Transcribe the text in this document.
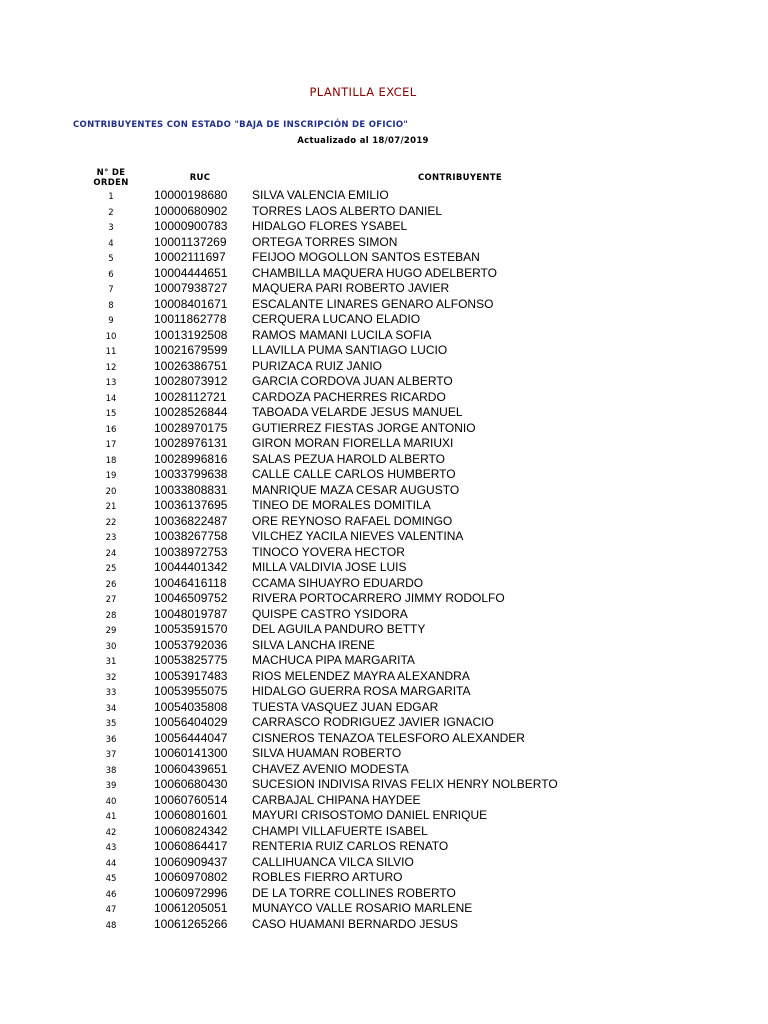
PLANTILLA EXCEL
CONTRIBUYENTES CON ESTADO "BAJA DE INSCRIPCIÓN DE OFICIO"
Actualizado al 18/07/2019
N° DE
ORDEN	RUC	CONTRIBUYENTE
1	10000198680 SILVA VALENCIA EMILIO
2	10000680902 TORRES LAOS ALBERTO DANIEL
3	10000900783 HIDALGO FLORES YSABEL
4	10001137269 ORTEGA TORRES SIMON
5	10002111697 FEIJOO MOGOLLON SANTOS ESTEBAN
6	10004444651 CHAMBILLA MAQUERA HUGO ADELBERTO
7	10007938727 MAQUERA PARI ROBERTO JAVIER
8	10008401671 ESCALANTE LINARES GENARO ALFONSO
9	10011862778 CERQUERA LUCANO ELADIO
10	10013192508 RAMOS MAMANI LUCILA SOFIA
11	10021679599 LLAVILLA PUMA SANTIAGO LUCIO
12	10026386751 PURIZACA RUIZ JANIO
13	10028073912 GARCIA CORDOVA JUAN ALBERTO
14	10028112721 CARDOZA PACHERRES RICARDO
15	10028526844 TABOADA VELARDE JESUS MANUEL
16	10028970175 GUTIERREZ FIESTAS JORGE ANTONIO
17	10028976131 GIRON MORAN FIORELLA MARIUXI
18	10028996816 SALAS PEZUA HAROLD ALBERTO
19	10033799638 CALLE CALLE CARLOS HUMBERTO
20	10033808831 MANRIQUE MAZA CESAR AUGUSTO
21	10036137695 TINEO DE MORALES DOMITILA
22	10036822487 ORE REYNOSO RAFAEL DOMINGO
23	10038267758 VILCHEZ YACILA NIEVES VALENTINA
24	10038972753 TINOCO YOVERA HECTOR
25	10044401342 MILLA VALDIVIA JOSE LUIS
26	10046416118 CCAMA SIHUAYRO EDUARDO
27	10046509752 RIVERA PORTOCARRERO JIMMY RODOLFO
28	10048019787 QUISPE CASTRO YSIDORA
29	10053591570 DEL AGUILA PANDURO BETTY
30	10053792036 SILVA LANCHA IRENE
31	10053825775 MACHUCA PIPA MARGARITA
32	10053917483 RIOS MELENDEZ MAYRA ALEXANDRA
33	10053955075 HIDALGO GUERRA ROSA MARGARITA
34	10054035808 TUESTA VASQUEZ JUAN EDGAR
35	10056404029 CARRASCO RODRIGUEZ JAVIER IGNACIO
36	10056444047 CISNEROS TENAZOA TELESFORO ALEXANDER
37	10060141300 SILVA HUAMAN ROBERTO
38	10060439651 CHAVEZ AVENIO MODESTA
39	10060680430 SUCESION INDIVISA RIVAS FELIX HENRY NOLBERTO
40	10060760514 CARBAJAL CHIPANA HAYDEE
41	10060801601 MAYURI CRISOSTOMO DANIEL ENRIQUE
42	10060824342 CHAMPI VILLAFUERTE ISABEL
43	10060864417 RENTERIA RUIZ CARLOS RENATO
44	10060909437 CALLIHUANCA VILCA SILVIO
45	10060970802 ROBLES FIERRO ARTURO
46	10060972996 DE LA TORRE COLLINES ROBERTO
47	10061205051 MUNAYCO VALLE ROSARIO MARLENE
48	10061265266 CASO HUAMANI BERNARDO JESUS
